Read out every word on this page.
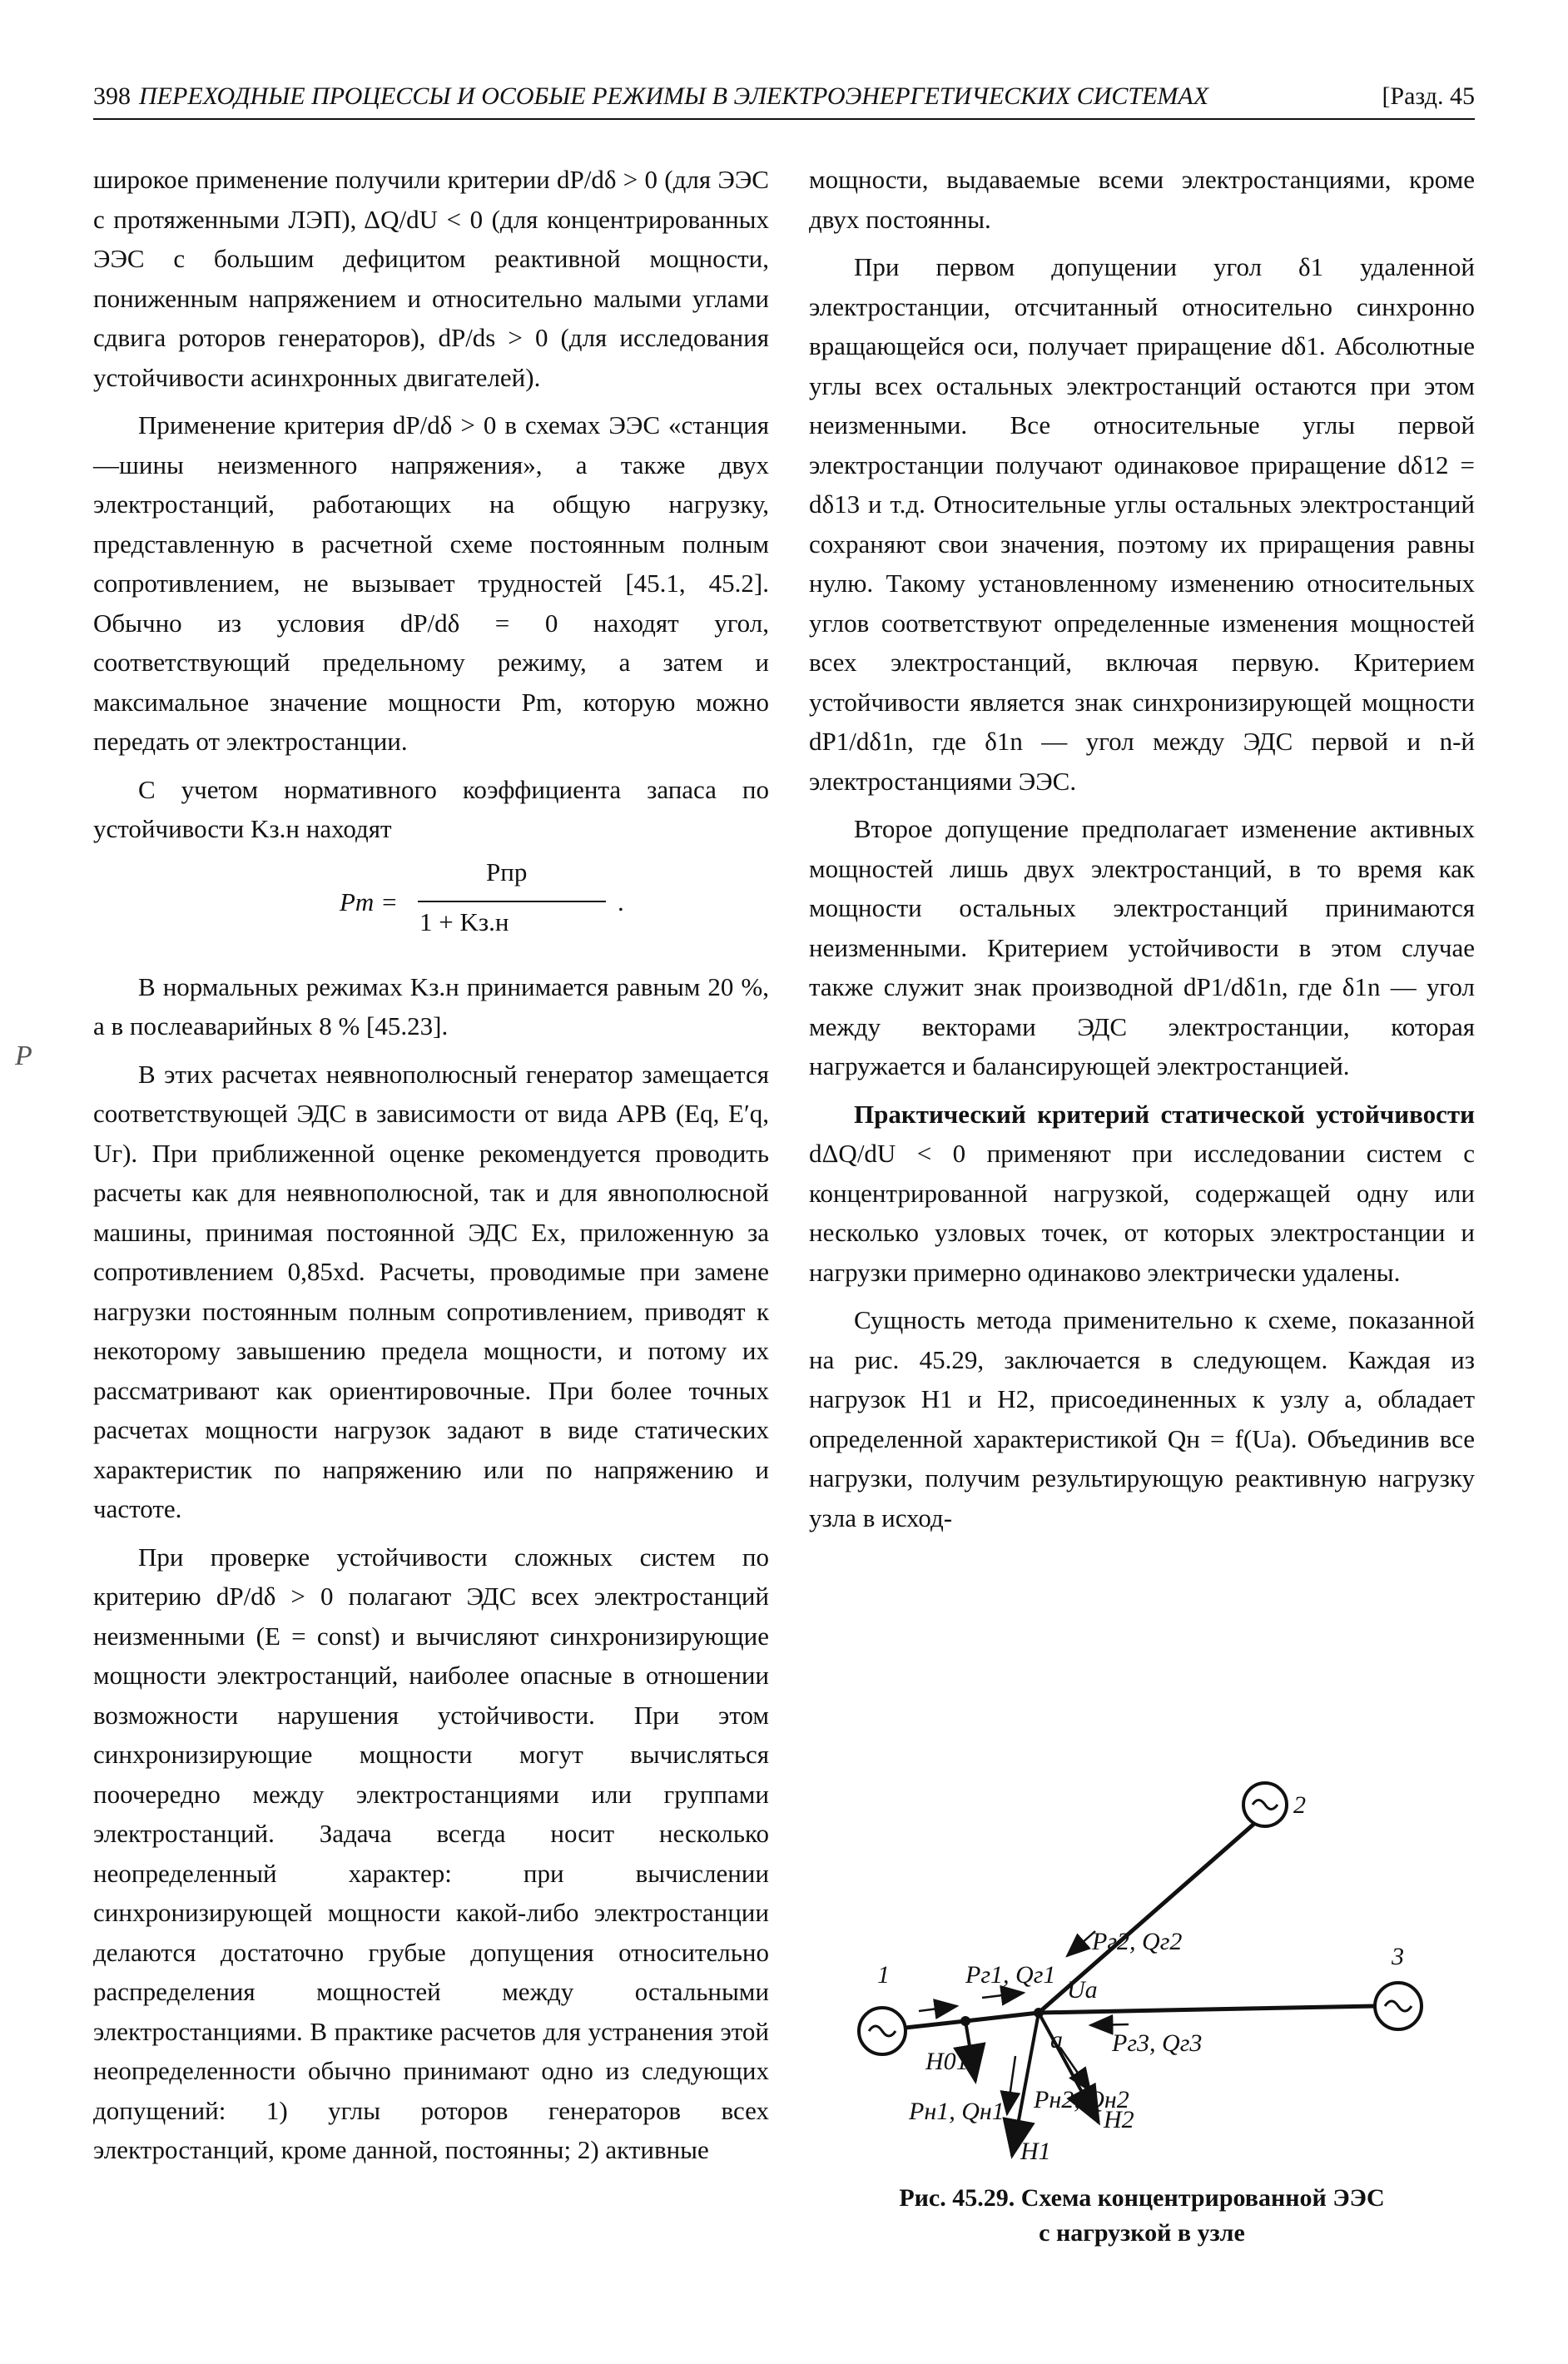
398 ПЕРЕХОДНЫЕ ПРОЦЕССЫ И ОСОБЫЕ РЕЖИМЫ В ЭЛЕКТРОЭНЕРГЕТИЧЕСКИХ СИСТЕМАХ	[Разд. 45
P

широкое применение получили критерии dP/dδ > 0 (для ЭЭС с протяженными ЛЭП), ΔQ/dU < 0 (для концентрированных ЭЭС с большим дефицитом реактивной мощности, пониженным напряжением и относительно малыми углами сдвига роторов генераторов), dP/ds > 0 (для исследования устойчивости асинхронных двигателей).

Применение критерия dP/dδ > 0 в схемах ЭЭС «станция—шины неизменного напряжения», а также двух электростанций, работающих на общую нагрузку, представленную в расчетной схеме постоянным полным сопротивлением, не вызывает трудностей [45.1, 45.2]. Обычно из условия dP/dδ = 0 находят угол, соответствующий предельному режиму, а затем и максимальное значение мощности Pm, которую можно передать от электростанции.

С учетом нормативного коэффициента запаса по устойчивости Kз.н находят

Pm =
Pпр
1 + Kз.н
.

В нормальных режимах Kз.н принимается равным 20 %, а в послеаварийных 8 % [45.23].

В этих расчетах неявнополюсный генератор замещается соответствующей ЭДС в зависимости от вида АРВ (Eq, E′q, Uг). При приближенной оценке рекомендуется проводить расчеты как для неявнополюсной, так и для явнополюсной машины, принимая постоянной ЭДС Ex, приложенную за сопротивлением 0,85xd. Расчеты, проводимые при замене нагрузки постоянным полным сопротивлением, приводят к некоторому завышению предела мощности, и потому их рассматривают как ориентировочные. При более точных расчетах мощности нагрузок задают в виде статических характеристик по напряжению или по напряжению и частоте.

При проверке устойчивости сложных систем по критерию dP/dδ > 0 полагают ЭДС всех электростанций неизменными (E = const) и вычисляют синхронизирующие мощности электростанций, наиболее опасные в отношении возможности нарушения устойчивости. При этом синхронизирующие мощности могут вычисляться поочередно между электростанциями или группами электростанций. Задача всегда носит несколько неопределенный характер: при вычислении синхронизирующей мощности какой-либо электростанции делаются достаточно грубые допущения относительно распределения мощностей между остальными электростанциями. В практике расчетов для устранения этой неопределенности обычно принимают одно из следующих допущений: 1) углы роторов генераторов всех электростанций, кроме данной, постоянны; 2) активные

мощности, выдаваемые всеми электростанциями, кроме двух постоянны.

При первом допущении угол δ1 удаленной электростанции, отсчитанный относительно синхронно вращающейся оси, получает приращение dδ1. Абсолютные углы всех остальных электростанций остаются при этом неизменными. Все относительные углы первой электростанции получают одинаковое приращение dδ12 = dδ13 и т.д. Относительные углы остальных электростанций сохраняют свои значения, поэтому их приращения равны нулю. Такому установленному изменению относительных углов соответствуют определенные изменения мощностей всех электростанций, включая первую. Критерием устойчивости является знак синхронизирующей мощности dP1/dδ1n, где δ1n — угол между ЭДС первой и n-й электростанциями ЭЭС.

Второе допущение предполагает изменение активных мощностей лишь двух электростанций, в то время как мощности остальных электростанций принимаются неизменными. Критерием устойчивости в этом случае также служит знак производной dP1/dδ1n, где δ1n — угол между векторами ЭДС электростанции, которая нагружается и балансирующей электростанцией.

Практический критерий статической устойчивости dΔQ/dU < 0 применяют при исследовании систем с концентрированной нагрузкой, содержащей одну или несколько узловых точек, от которых электростанции и нагрузки примерно одинаково электрически удалены.

Сущность метода применительно к схеме, показанной на рис. 45.29, заключается в следующем. Каждая из нагрузок H1 и H2, присоединенных к узлу a, обладает определенной характеристикой Qн = f(Ua). Объединив все нагрузки, получим результирующую реактивную нагрузку узла в исход-

1
2
3
Pг1, Qг1
Pг2, Qг2
Pг3, Qг3
Ua
a
H01
Pн1, Qн1 Pн2, Qн2
H1
H2
Рис. 45.29. Схема концентрированной ЭЭС
с нагрузкой в узле
